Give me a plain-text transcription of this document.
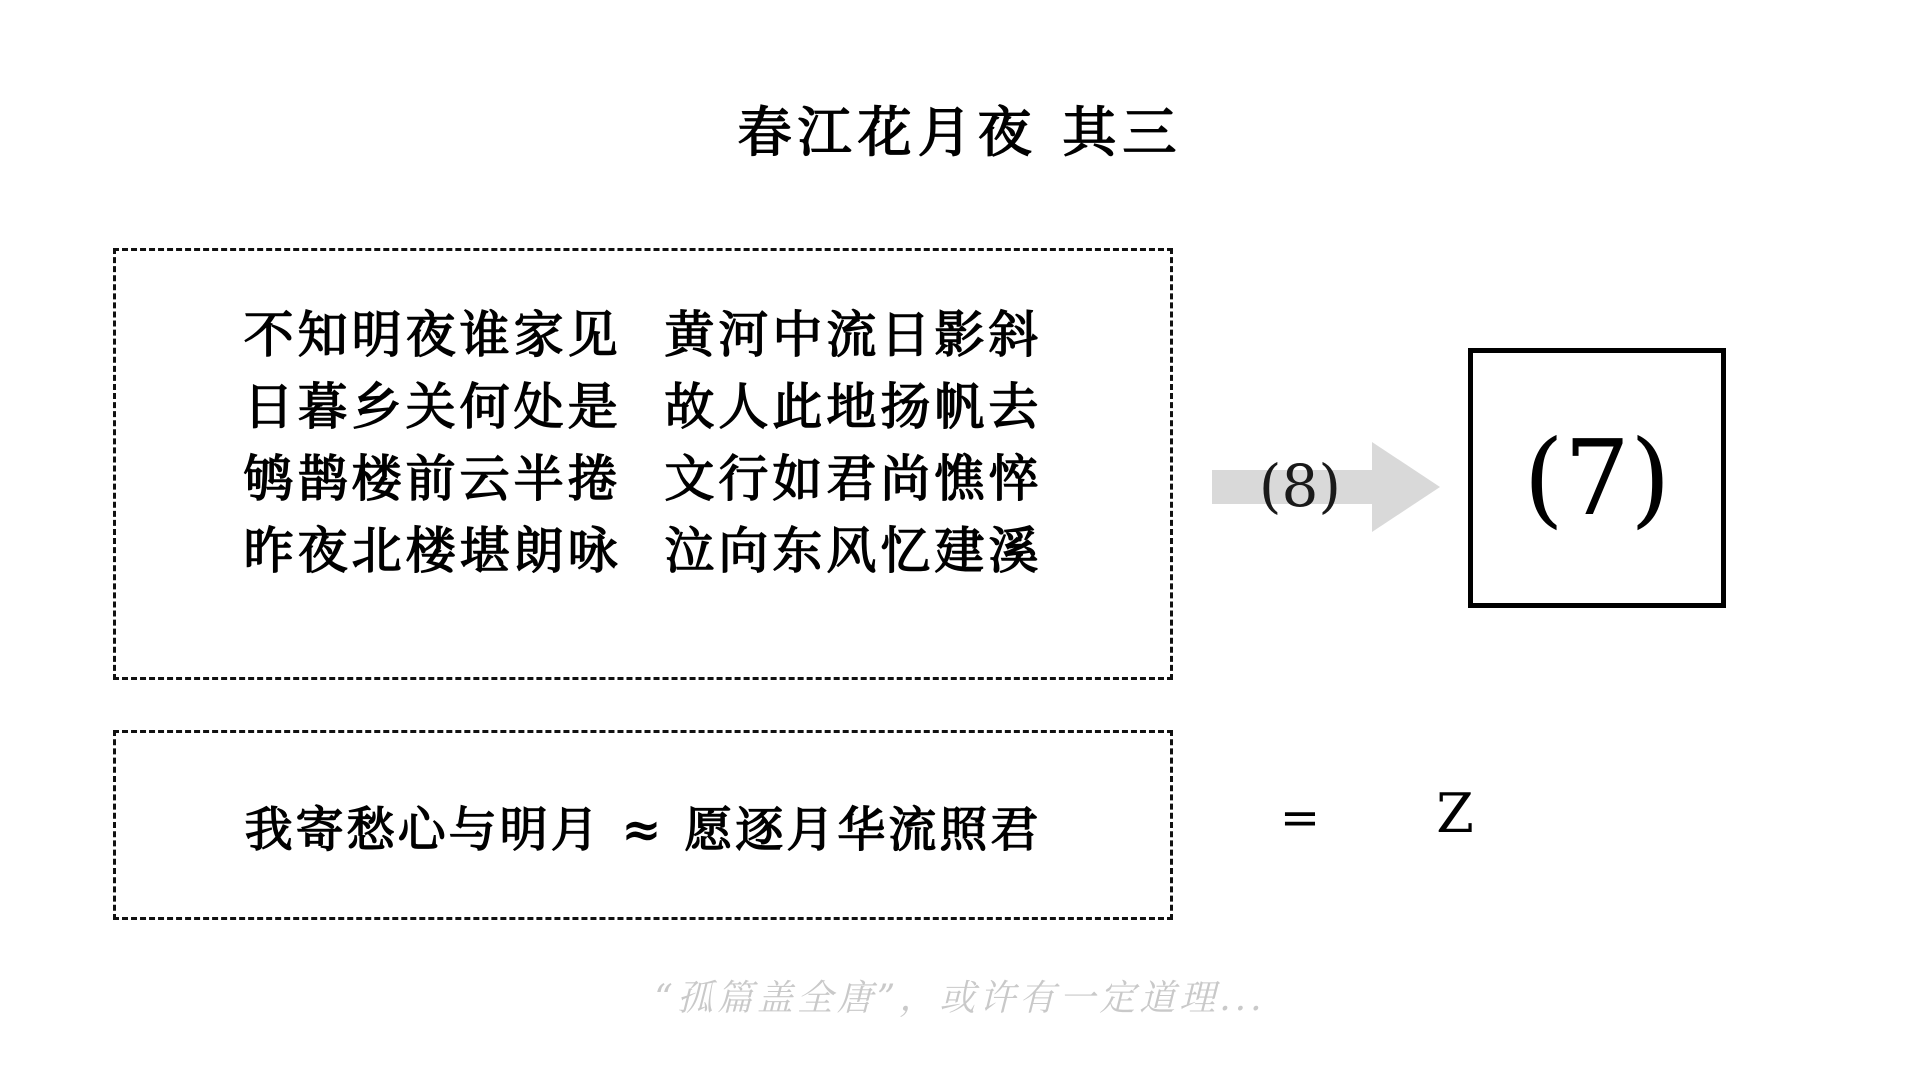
春江花月夜 其三
不知明夜谁家见  黄河中流日影斜
日暮乡关何处是  故人此地扬帆去
鸲鹊楼前云半捲  文行如君尚憔悴
昨夜北楼堪朗咏  泣向东风忆建溪
我寄愁心与明月 ≈ 愿逐月华流照君
(8)	(7)
=	Z
“孤篇盖全唐”，或许有一定道理...
